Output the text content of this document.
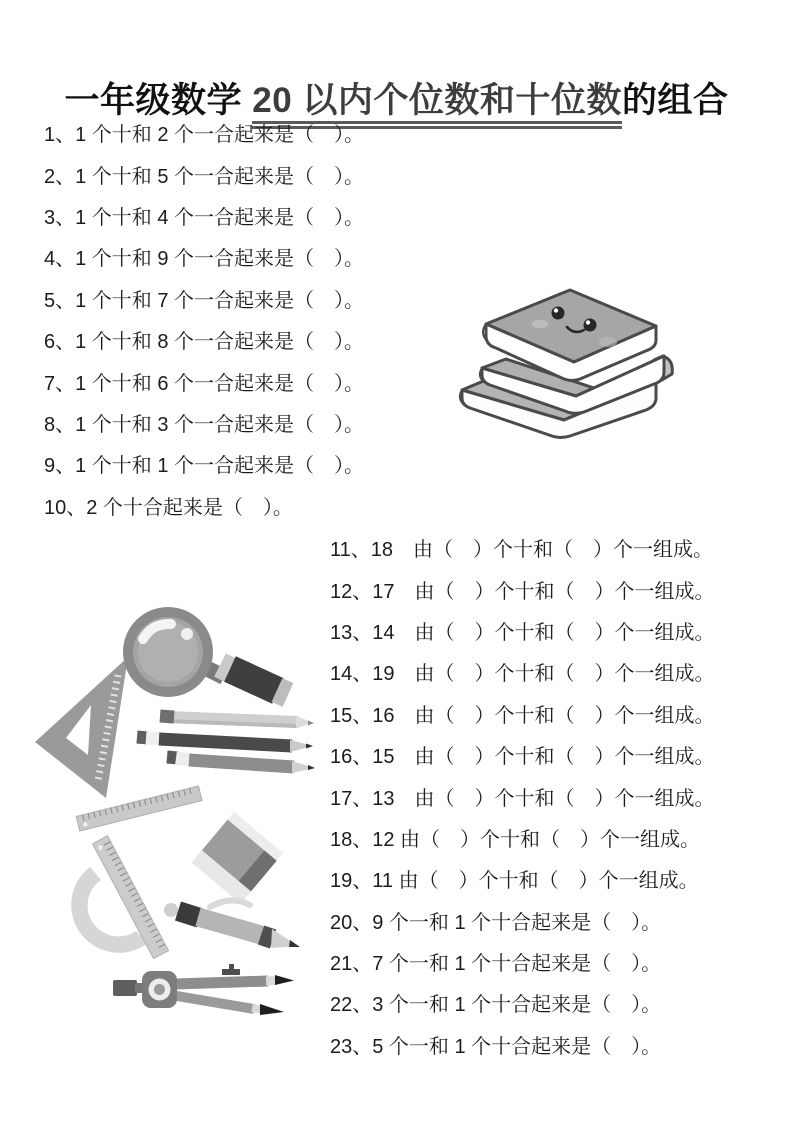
一年级数学 20 以内个位数和十位数的组合
1、1 个十和 2 个一合起来是（　）。
2、1 个十和 5 个一合起来是（　）。
3、1 个十和 4 个一合起来是（　）。
4、1 个十和 9 个一合起来是（　）。
5、1 个十和 7 个一合起来是（　）。
6、1 个十和 8 个一合起来是（　）。
7、1 个十和 6 个一合起来是（　）。
8、1 个十和 3 个一合起来是（　）。
9、1 个十和 1 个一合起来是（　）。
10、2 个十合起来是（　）。
11、18　由（　）个十和（　）个一组成。
12、17　由（　）个十和（　）个一组成。
13、14　由（　）个十和（　）个一组成。
14、19　由（　）个十和（　）个一组成。
15、16　由（　）个十和（　）个一组成。
16、15　由（　）个十和（　）个一组成。
17、13　由（　）个十和（　）个一组成。
18、12 由（　）个十和（　）个一组成。
19、11 由（　）个十和（　）个一组成。
20、9 个一和 1 个十合起来是（　）。
21、7 个一和 1 个十合起来是（　）。
22、3 个一和 1 个十合起来是（　）。
23、5 个一和 1 个十合起来是（　）。
